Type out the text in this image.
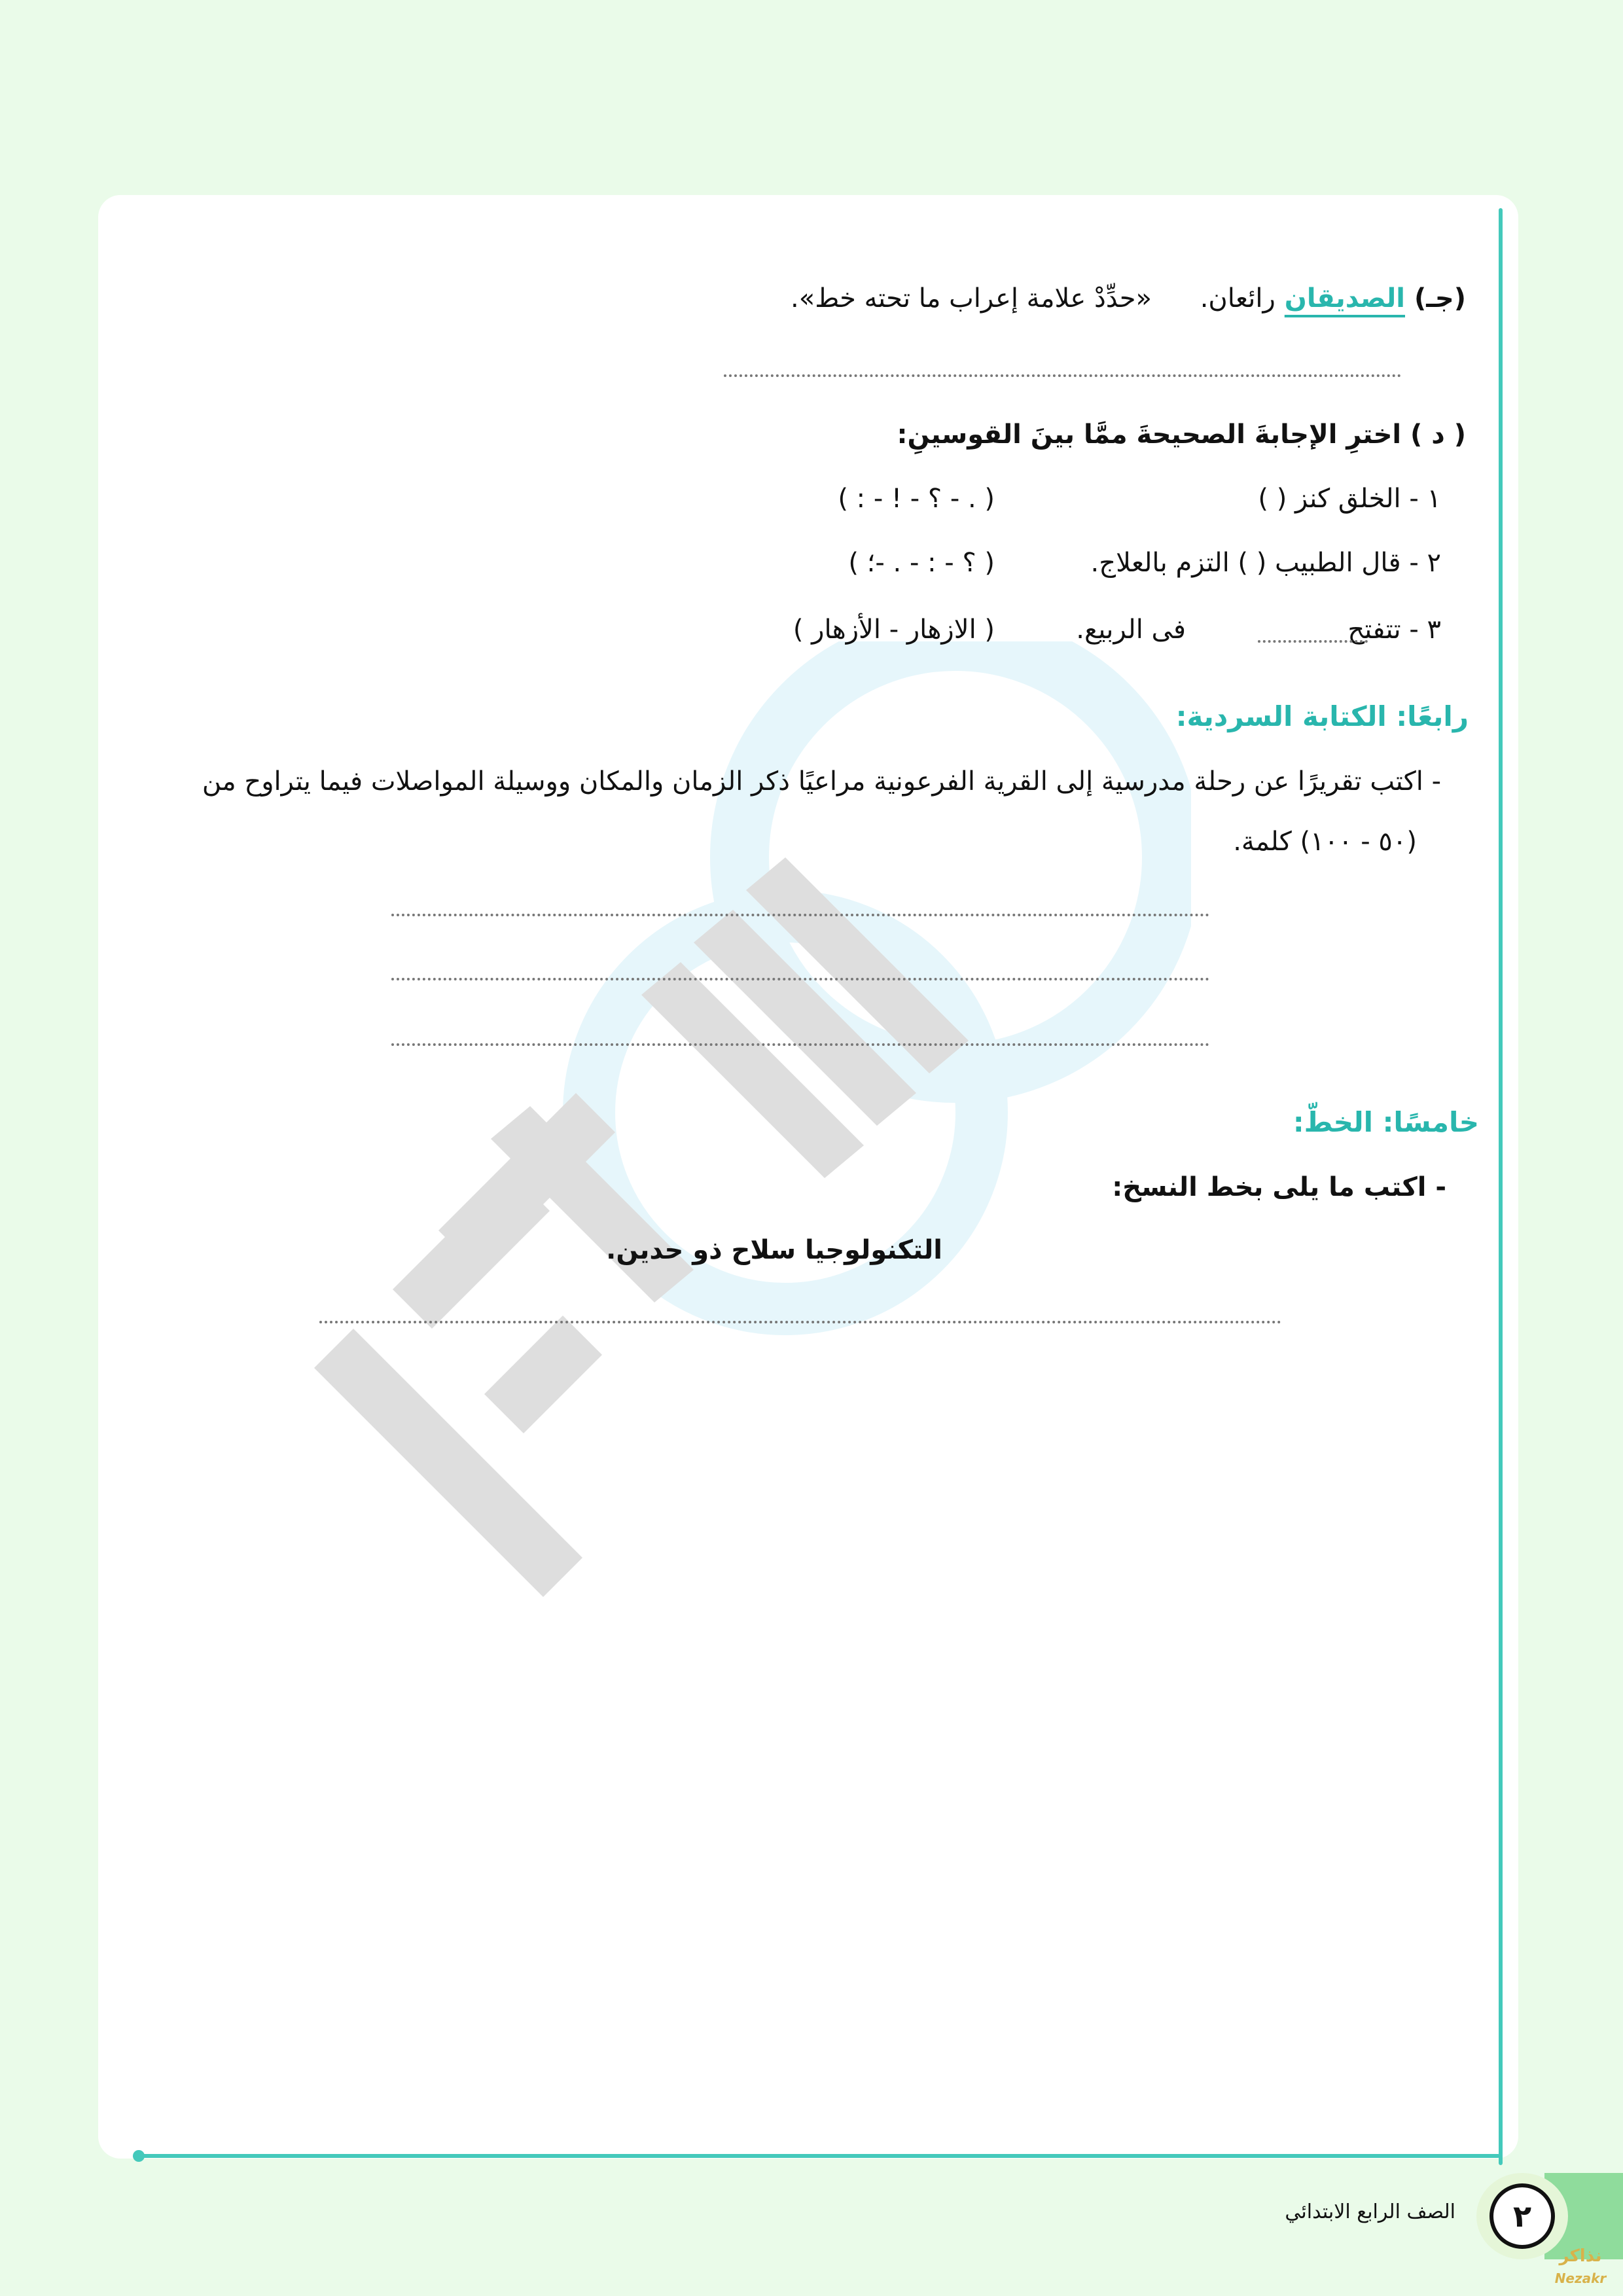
(جـ) الصديقان رائعان.
«حدِّدْ علامة إعراب ما تحته خط».
( د ) اخترِ الإجابةَ الصحيحةَ ممَّا بينَ القوسينِ:
١ - الخلق كنز ( )
( . - ؟ - ! - : )
٢ - قال الطبيب ( ) التزم بالعلاج.
( ؟ - : - . -؛ )
٣ - تتفتح
فى الربيع.
( الازهار - الأزهار )
رابعًا: الكتابة السردية:
- اكتب تقريرًا عن رحلة مدرسية إلى القرية الفرعونية مراعيًا ذكر الزمان والمكان ووسيلة المواصلات فيما يتراوح من
(٥٠ - ١٠٠) كلمة.
خامسًا: الخطّ:
- اكتب ما يلى بخط النسخ:
التكنولوجيا سلاح ذو حدين.
٢
الصف الرابع الابتدائي
نذاكر
Nezakr
